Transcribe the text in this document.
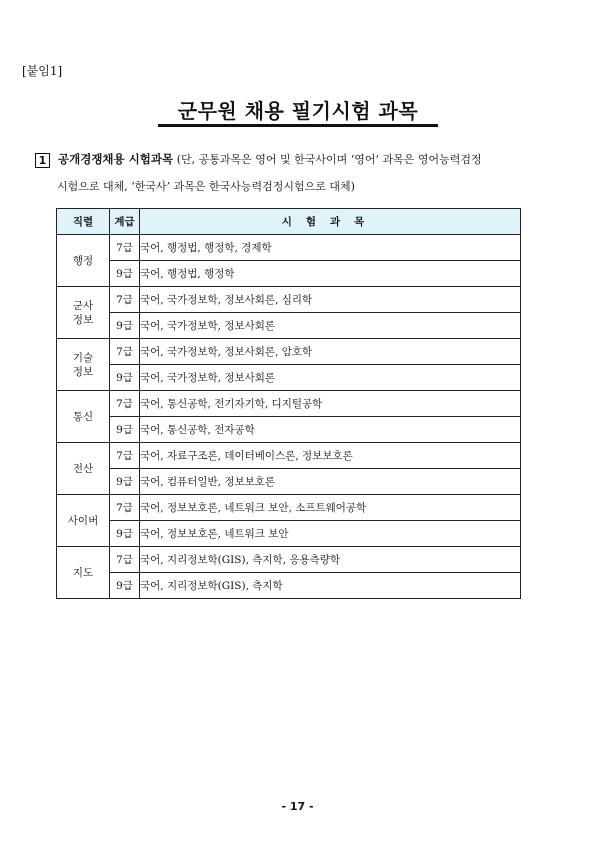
[붙임1]
군무원 채용 필기시험 과목
1 공개경쟁채용 시험과목 (단, 공통과목은 영어 및 한국사이며 ‘영어’ 과목은 영어능력검정
시험으로 대체, ‘한국사’ 과목은 한국사능력검정시험으로 대체)
직렬	계급	시험과목
행정	7급	국어, 행정법, 행정학, 경제학
	9급	국어, 행정법, 행정학
군사
정보	7급	국어, 국가정보학, 정보사회론, 심리학
	9급	국어, 국가정보학, 정보사회론
기술
정보	7급	국어, 국가정보학, 정보사회론, 암호학
	9급	국어, 국가정보학, 정보사회론
통신	7급	국어, 통신공학, 전기자기학, 디지털공학
	9급	국어, 통신공학, 전자공학
전산	7급	국어, 자료구조론, 데이터베이스론, 정보보호론
	9급	국어, 컴퓨터일반, 정보보호론
사이버	7급	국어, 정보보호론, 네트워크 보안, 소프트웨어공학
	9급	국어, 정보보호론, 네트워크 보안
지도	7급	국어, 지리정보학(GIS), 측지학, 응용측량학
	9급	국어, 지리정보학(GIS), 측지학
- 17 -
